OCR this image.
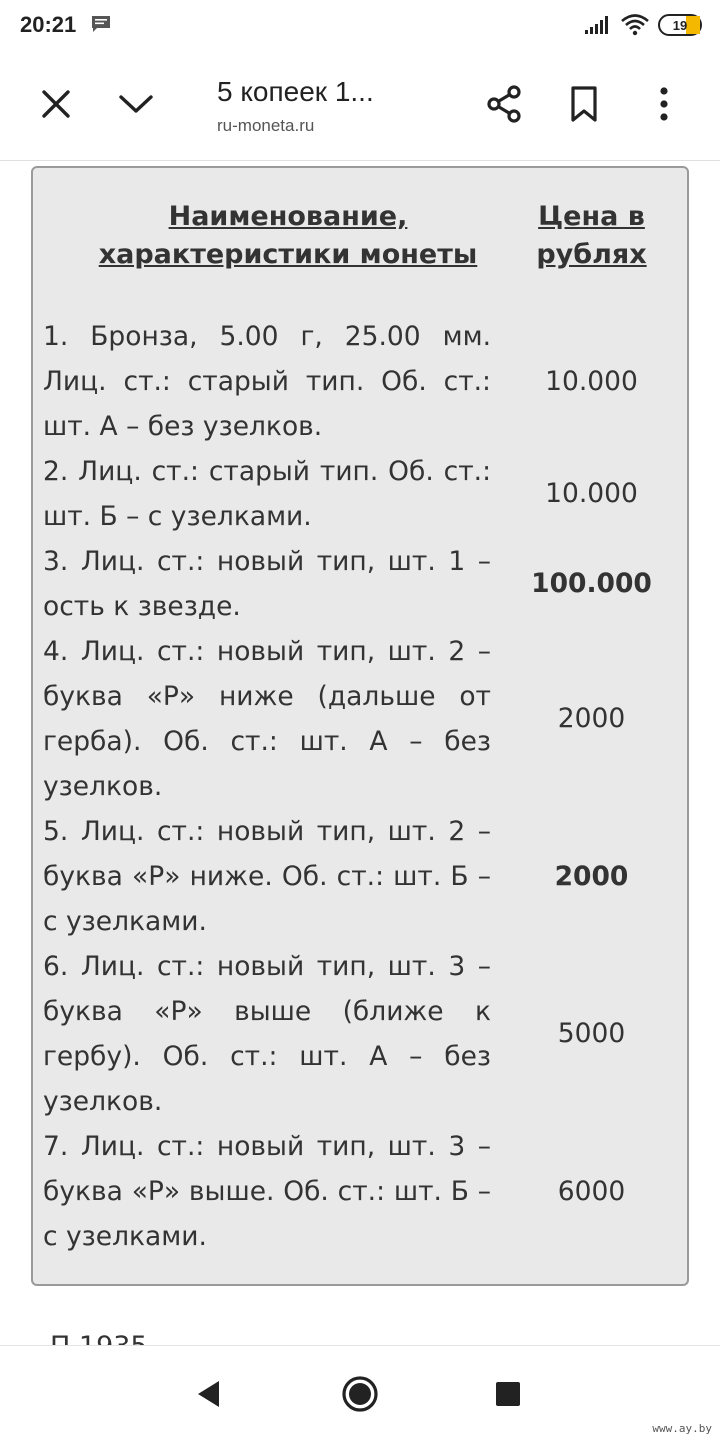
20:21	19
5 копеек 1...
ru-moneta.ru
Наименование,
характеристики монеты
Цена в
рублях
1. Бронза, 5.00 г, 25.00 мм. Лиц. ст.: старый тип. Об. ст.: шт. А – без узелков.
10.000
2. Лиц. ст.: старый тип. Об. ст.: шт. Б – с узелками.
10.000
3. Лиц. ст.: новый тип, шт. 1 – ость к звезде.
100.000
4. Лиц. ст.: новый тип, шт. 2 – буква «Р» ниже (дальше от герба). Об. ст.: шт. А – без узелков.
2000
5. Лиц. ст.: новый тип, шт. 2 – буква «Р» ниже. Об. ст.: шт. Б – с узелками.
2000
6. Лиц. ст.: новый тип, шт. 3 – буква «Р» выше (ближе к гербу). Об. ст.: шт. А – без узелков.
5000
7. Лиц. ст.: новый тип, шт. 3 – буква «Р» выше. Об. ст.: шт. Б – с узелками.
6000
www.ay.by
